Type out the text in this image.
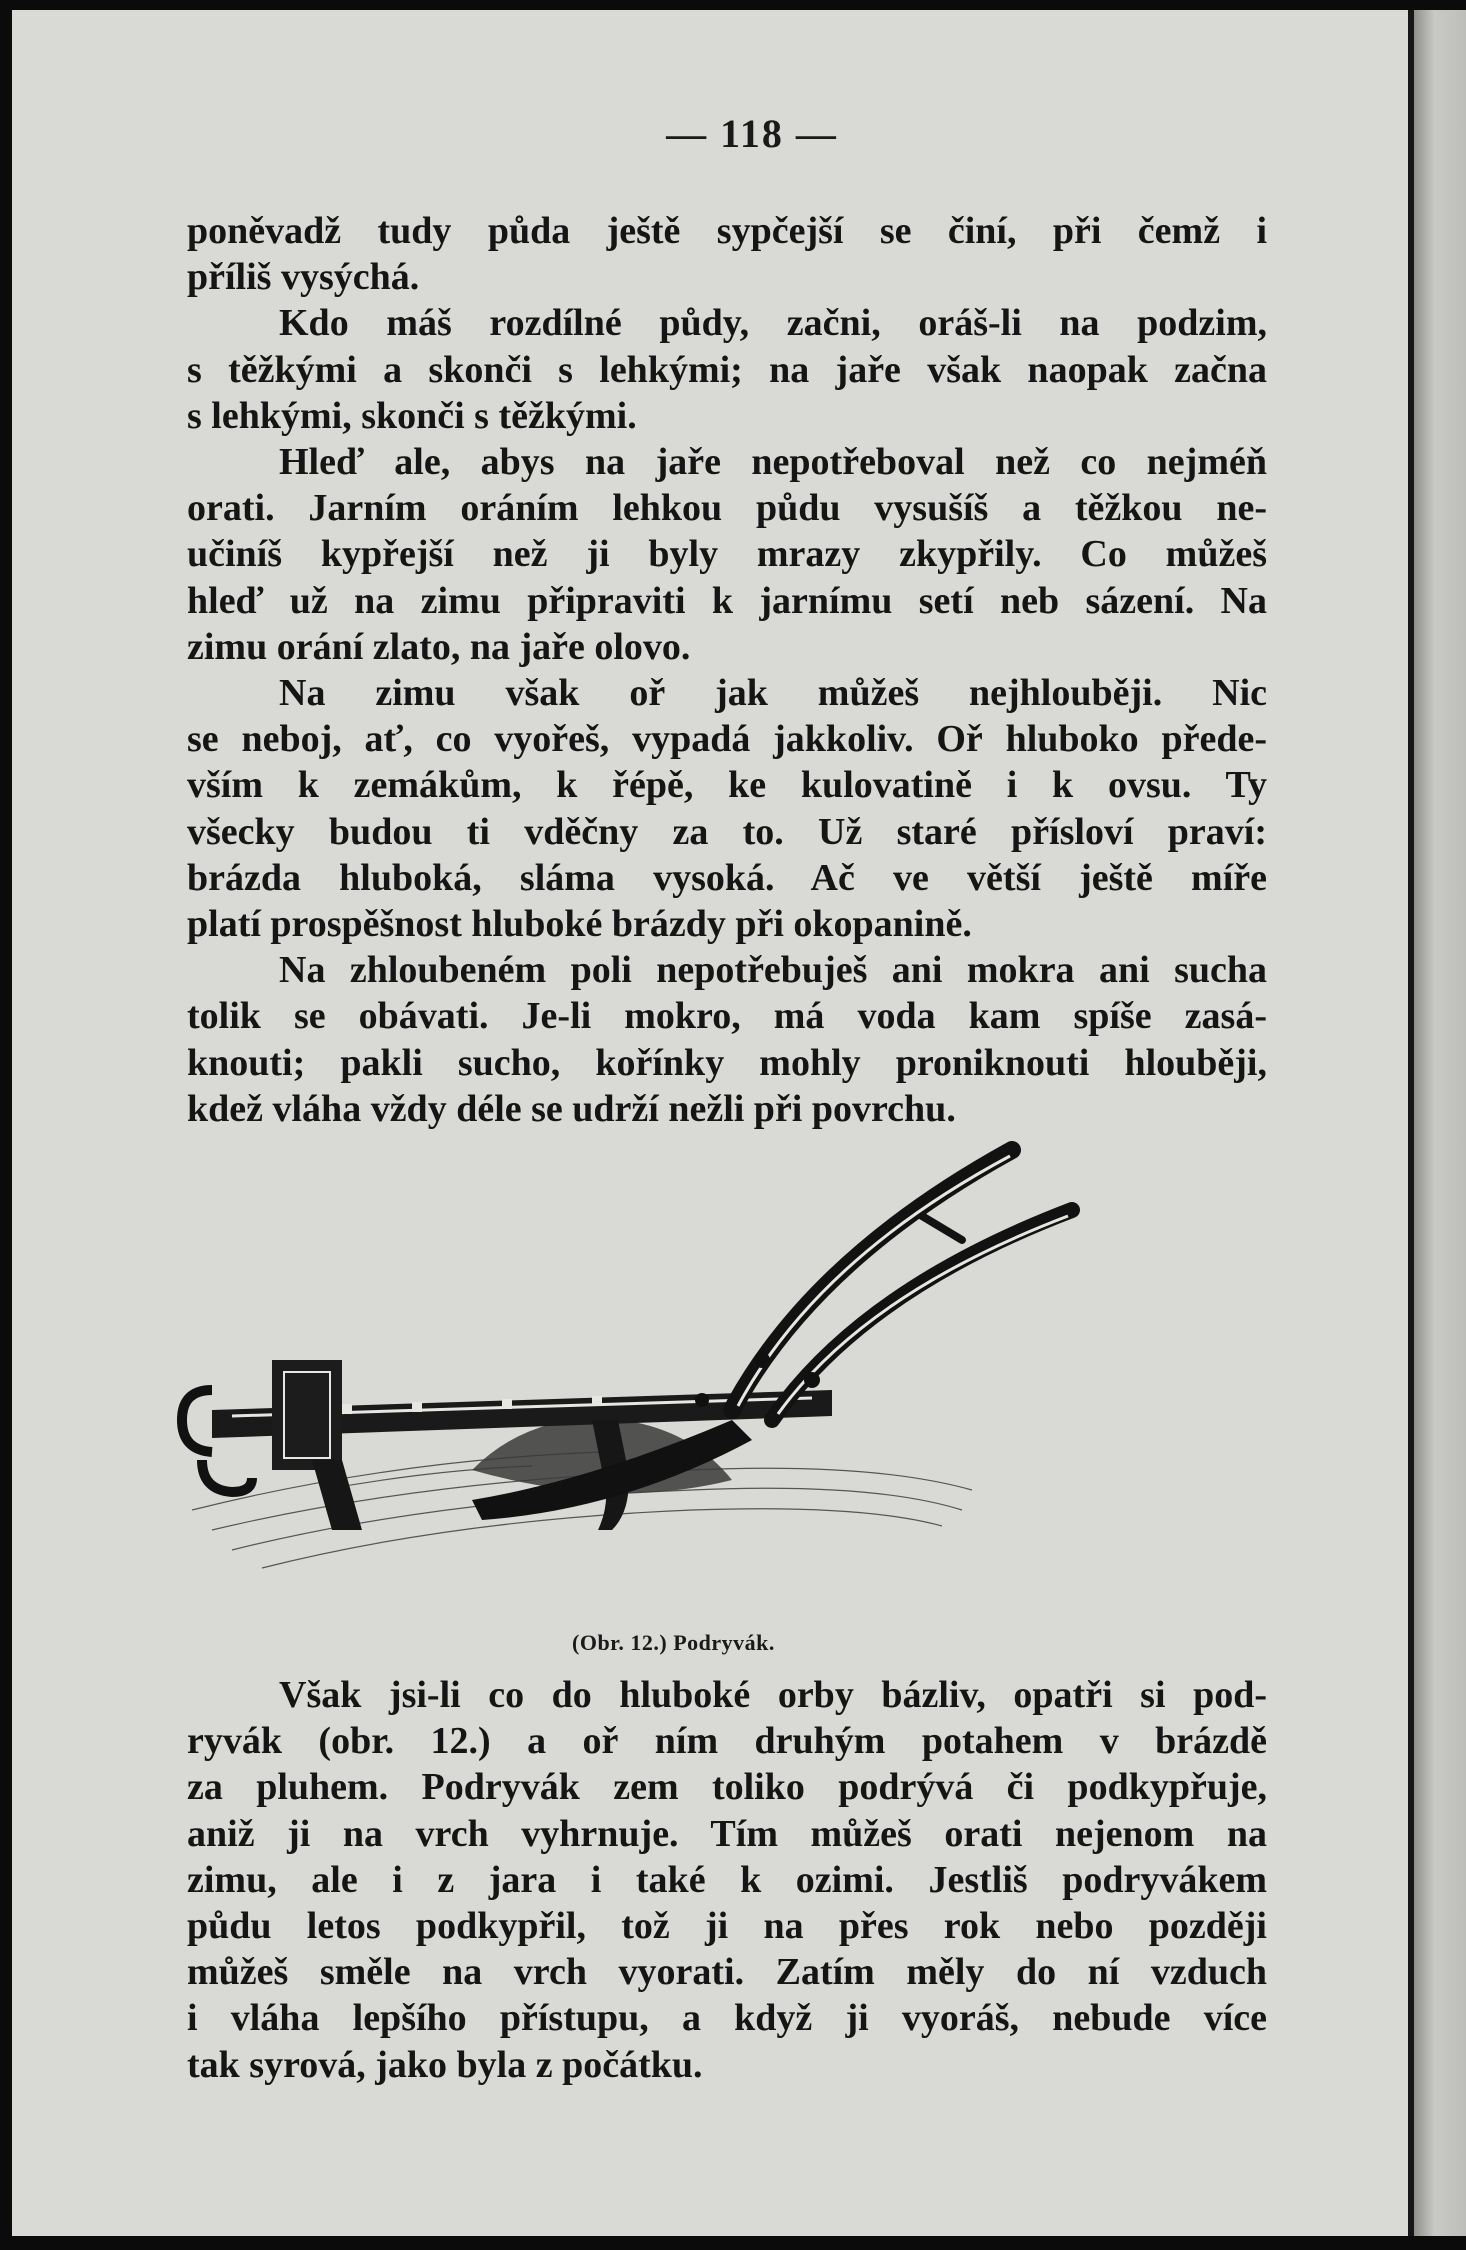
— 118 —
poněvadž tudy půda ještě sypčejší se činí, při čemž i
příliš vysýchá.
Kdo máš rozdílné půdy, začni, oráš-li na podzim,
s těžkými a skonči s lehkými; na jaře však naopak začna
s lehkými, skonči s těžkými.
Hleď ale, abys na jaře nepotřeboval než co nejméň
orati. Jarním oráním lehkou půdu vysušíš a těžkou ne-
učiníš kypřejší než ji byly mrazy zkypřily. Co můžeš
hleď už na zimu připraviti k jarnímu setí neb sázení. Na
zimu orání zlato, na jaře olovo.
Na zimu však oř jak můžeš nejhlouběji. Nic
se neboj, ať, co vyořeš, vypadá jakkoliv. Oř hluboko přede-
vším k zemákům, k řépě, ke kulovatině i k ovsu. Ty
všecky budou ti vděčny za to. Už staré přísloví praví:
brázda hluboká, sláma vysoká. Ač ve větší ještě míře
platí prospěšnost hluboké brázdy při okopanině.
Na zhloubeném poli nepotřebuješ ani mokra ani sucha
tolik se obávati. Je-li mokro, má voda kam spíše zasá-
knouti; pakli sucho, kořínky mohly proniknouti hlouběji,
kdež vláha vždy déle se udrží nežli při povrchu.
(Obr. 12.) Podryvák.
Však jsi-li co do hluboké orby bázliv, opatři si pod-
ryvák (obr. 12.) a oř ním druhým potahem v brázdě
za pluhem. Podryvák zem toliko podrývá či podkypřuje,
aniž ji na vrch vyhrnuje. Tím můžeš orati nejenom na
zimu, ale i z jara i také k ozimi. Jestliš podryvákem
půdu letos podkypřil, tož ji na přes rok nebo později
můžeš směle na vrch vyorati. Zatím měly do ní vzduch
i vláha lepšího přístupu, a když ji vyoráš, nebude více
tak syrová, jako byla z počátku.
